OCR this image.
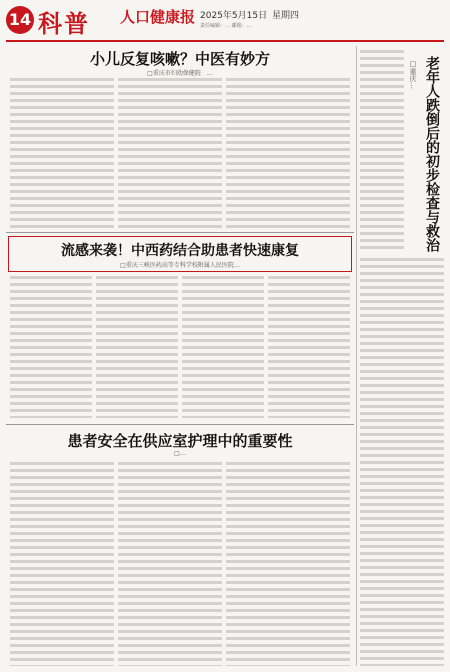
14 科普 人口健康报 2025年5月15日 星期四
责任编辑：… 邮箱：…
小儿反复咳嗽？中医有妙方
□重庆市妇幼保健院　…
流感来袭！中西药结合助患者快速康复
□重庆三峡医药高等专科学校附属人民医院…
患者安全在供应室护理中的重要性
□…
老年人跌倒后的初步检查与救治
□重庆…
